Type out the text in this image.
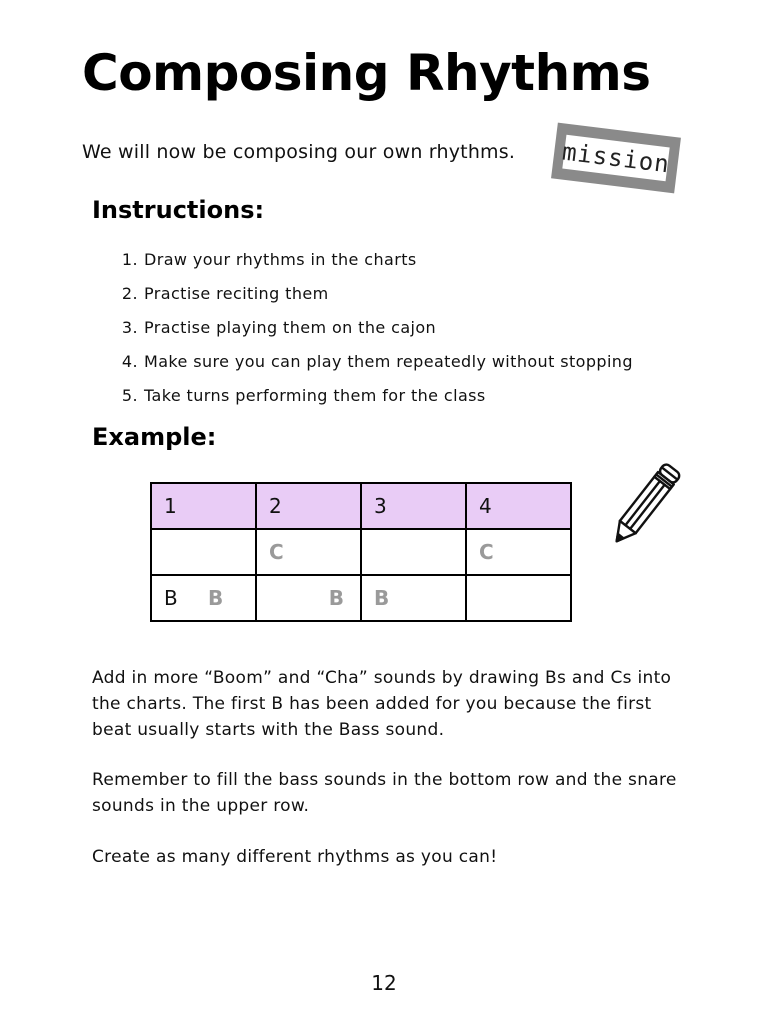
Composing Rhythms

We will now be composing our own rhythms. mission
Instructions:
1. Draw your rhythms in the charts
2. Practise reciting them
3. Practise playing them on the cajon
4. Make sure you can play them repeatedly without stopping
5. Take turns performing them for the class
Example:
1	2	3	4
	C		C
B B	B	B	

Add in more “Boom” and “Cha” sounds by drawing Bs and Cs into the charts. The first B has been added for you because the first beat usually starts with the Bass sound.

Remember to fill the bass sounds in the bottom row and the snare sounds in the upper row.

Create as many different rhythms as you can!

12
